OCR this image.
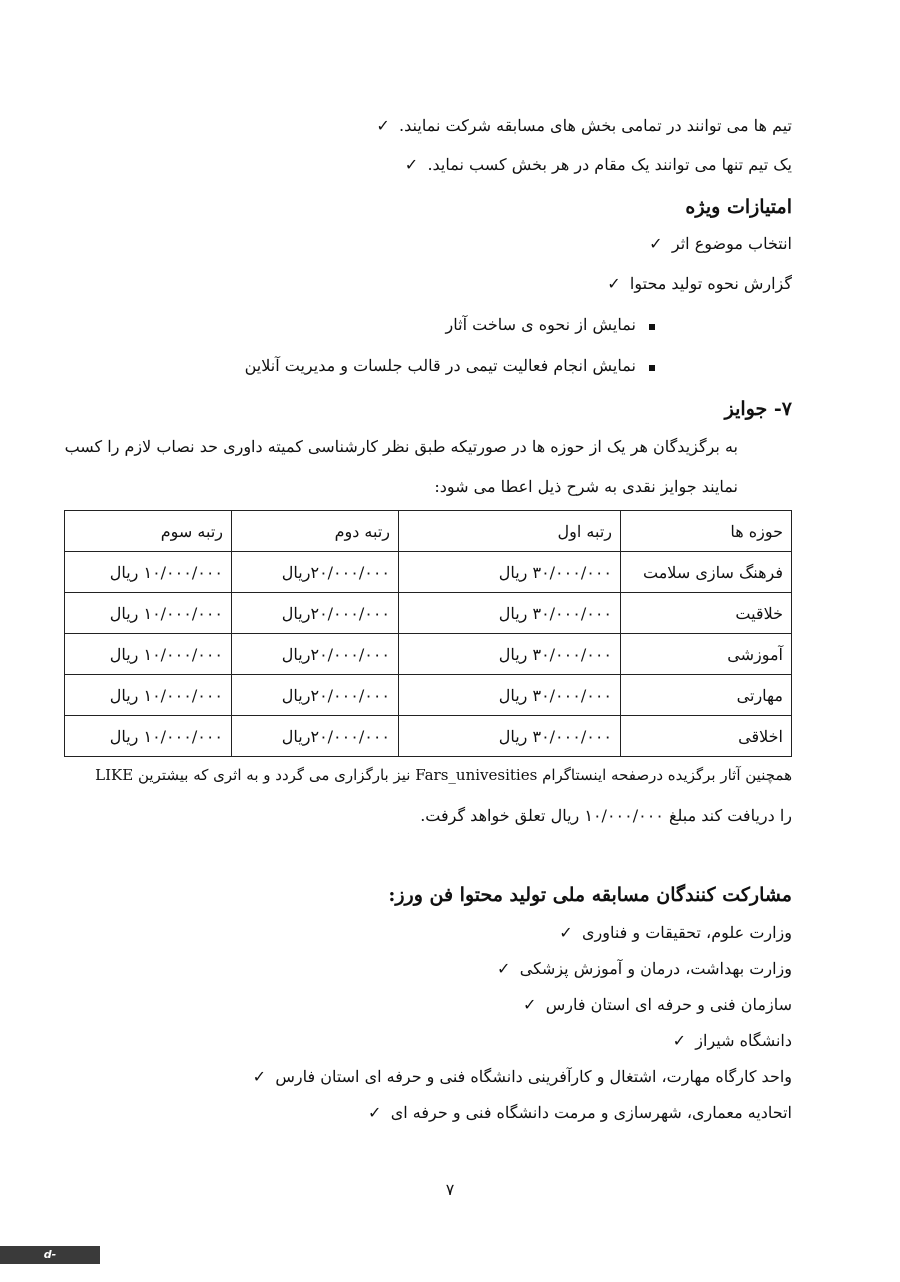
✓ تیم ها می توانند در تمامی بخش های مسابقه شرکت نمایند.
✓ یک تیم تنها می توانند یک مقام در هر بخش کسب نماید.
امتیازات ویژه
✓ انتخاب موضوع اثر
✓ گزارش نحوه تولید محتوا
نمایش از نحوه ی ساخت آثار
نمایش انجام فعالیت تیمی در قالب جلسات و مدیریت آنلاین
۷- جوایز
به برگزیدگان هر یک از حوزه ها در صورتیکه طبق نظر کارشناسی کمیته داوری حد نصاب لازم را کسب
نمایند جوایز نقدی به شرح ذیل اعطا می شود:
حوزه ها	رتبه اول	رتبه دوم	رتبه سوم
فرهنگ سازی سلامت	۳۰/۰۰۰/۰۰۰ ریال	۲۰/۰۰۰/۰۰۰ریال	۱۰/۰۰۰/۰۰۰ ریال
خلاقیت	۳۰/۰۰۰/۰۰۰ ریال	۲۰/۰۰۰/۰۰۰ریال	۱۰/۰۰۰/۰۰۰ ریال
آموزشی	۳۰/۰۰۰/۰۰۰ ریال	۲۰/۰۰۰/۰۰۰ریال	۱۰/۰۰۰/۰۰۰ ریال
مهارتی	۳۰/۰۰۰/۰۰۰ ریال	۲۰/۰۰۰/۰۰۰ریال	۱۰/۰۰۰/۰۰۰ ریال
اخلاقی	۳۰/۰۰۰/۰۰۰ ریال	۲۰/۰۰۰/۰۰۰ریال	۱۰/۰۰۰/۰۰۰ ریال
همچنین آثار برگزیده درصفحه اینستاگرام Fars_univesities نیز بارگزاری می گردد و به اثری که بیشترین LIKE
را دریافت کند مبلغ ۱۰/۰۰۰/۰۰۰ ریال تعلق خواهد گرفت.
مشارکت کنندگان مسابقه ملی تولید محتوا فن ورز:
✓ وزارت علوم، تحقیقات و فناوری
✓ وزارت بهداشت، درمان و آموزش پزشکی
✓ سازمان فنی و حرفه ای استان فارس
✓ دانشگاه شیراز
✓ واحد کارگاه مهارت، اشتغال و کارآفرینی دانشگاه فنی و حرفه ای استان فارس
✓ اتحادیه معماری، شهرسازی و مرمت دانشگاه فنی و حرفه ای
۷
d-babol.nus.ac.ir
